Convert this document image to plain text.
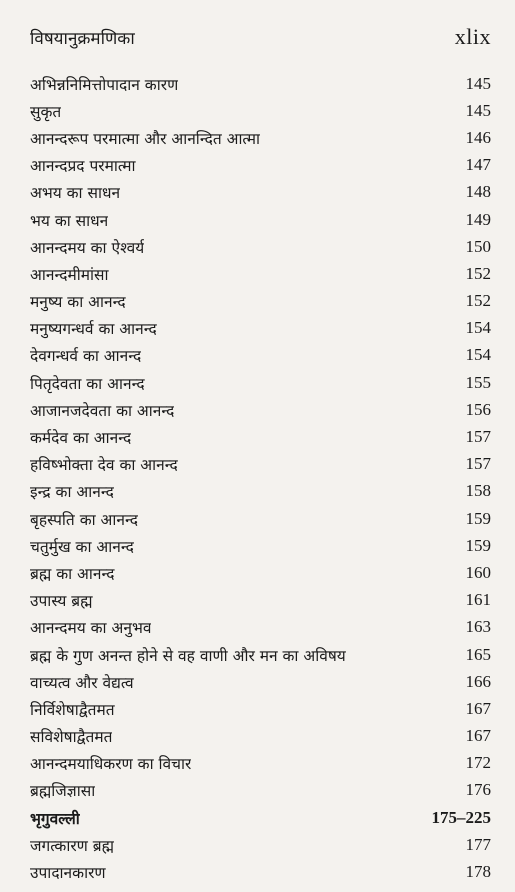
विषयानुक्रमणिका	xlix
अभिन्ननिमित्तोपादान कारण	145
सुकृत	145
आनन्दरूप परमात्मा और आनन्दित आत्मा	146
आनन्दप्रद परमात्मा	147
अभय का साधन	148
भय का साधन	149
आनन्दमय का ऐश्वर्य	150
आनन्दमीमांसा	152
मनुष्य का आनन्द	152
मनुष्यगन्धर्व का आनन्द	154
देवगन्धर्व का आनन्द	154
पितृदेवता का आनन्द	155
आजानजदेवता का आनन्द	156
कर्मदेव का आनन्द	157
हविष्भोक्ता देव का आनन्द	157
इन्द्र का आनन्द	158
बृहस्पति का आनन्द	159
चतुर्मुख का आनन्द	159
ब्रह्म का आनन्द	160
उपास्य ब्रह्म	161
आनन्दमय का अनुभव	163
ब्रह्म के गुण अनन्त होने से वह वाणी और मन का अविषय	165
वाच्यत्व और वेद्यत्व	166
निर्विशेषाद्वैतमत	167
सविशेषाद्वैतमत	167
आनन्दमयाधिकरण का विचार	172
ब्रह्मजिज्ञासा	176
भृगुवल्ली	175–225
जगत्कारण ब्रह्म	177
उपादानकारण	178
